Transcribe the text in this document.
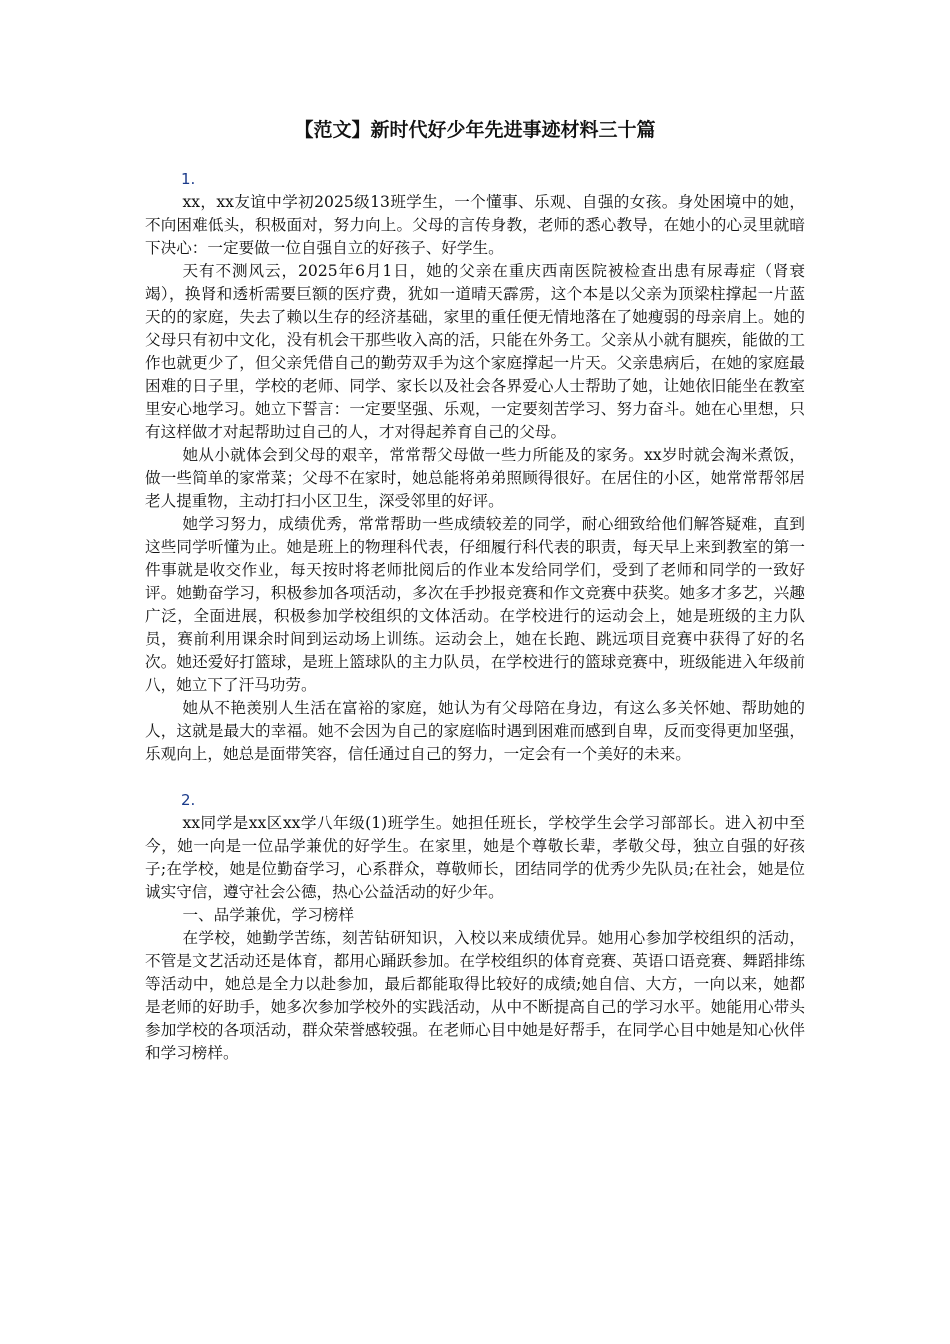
【范文】新时代好少年先进事迹材料三十篇

1.

xx，xx友谊中学初2025级13班学生，一个懂事、乐观、自强的女孩。身处困境中的她，不向困难低头，积极面对，努力向上。父母的言传身教，老师的悉心教导，在她小的心灵里就暗下决心：一定要做一位自强自立的好孩子、好学生。

天有不测风云，2025年6月1日，她的父亲在重庆西南医院被检查出患有尿毒症（肾衰竭），换肾和透析需要巨额的医疗费，犹如一道晴天霹雳，这个本是以父亲为顶梁柱撑起一片蓝天的的家庭，失去了赖以生存的经济基础，家里的重任便无情地落在了她瘦弱的母亲肩上。她的父母只有初中文化，没有机会干那些收入高的活，只能在外务工。父亲从小就有腿疾，能做的工作也就更少了，但父亲凭借自己的勤劳双手为这个家庭撑起一片天。父亲患病后，在她的家庭最困难的日子里，学校的老师、同学、家长以及社会各界爱心人士帮助了她，让她依旧能坐在教室里安心地学习。她立下誓言：一定要坚强、乐观，一定要刻苦学习、努力奋斗。她在心里想，只有这样做才对起帮助过自己的人，才对得起养育自己的父母。

她从小就体会到父母的艰辛，常常帮父母做一些力所能及的家务。xx岁时就会淘米煮饭，做一些简单的家常菜；父母不在家时，她总能将弟弟照顾得很好。在居住的小区，她常常帮邻居老人提重物，主动打扫小区卫生，深受邻里的好评。

她学习努力，成绩优秀，常常帮助一些成绩较差的同学，耐心细致给他们解答疑难，直到这些同学听懂为止。她是班上的物理科代表，仔细履行科代表的职责，每天早上来到教室的第一件事就是收交作业，每天按时将老师批阅后的作业本发给同学们，受到了老师和同学的一致好评。她勤奋学习，积极参加各项活动，多次在手抄报竞赛和作文竞赛中获奖。她多才多艺，兴趣广泛，全面进展，积极参加学校组织的文体活动。在学校进行的运动会上，她是班级的主力队员，赛前利用课余时间到运动场上训练。运动会上，她在长跑、跳远项目竞赛中获得了好的名次。她还爱好打篮球，是班上篮球队的主力队员，在学校进行的篮球竞赛中，班级能进入年级前八，她立下了汗马功劳。

她从不艳羡别人生活在富裕的家庭，她认为有父母陪在身边，有这么多关怀她、帮助她的人，这就是最大的幸福。她不会因为自己的家庭临时遇到困难而感到自卑，反而变得更加坚强，乐观向上，她总是面带笑容，信任通过自己的努力，一定会有一个美好的未来。

2.

xx同学是xx区xx学八年级(1)班学生。她担任班长，学校学生会学习部部长。进入初中至今，她一向是一位品学兼优的好学生。在家里，她是个尊敬长辈，孝敬父母，独立自强的好孩子;在学校，她是位勤奋学习，心系群众，尊敬师长，团结同学的优秀少先队员;在社会，她是位诚实守信，遵守社会公德，热心公益活动的好少年。

一、品学兼优，学习榜样

在学校，她勤学苦练，刻苦钻研知识，入校以来成绩优异。她用心参加学校组织的活动，不管是文艺活动还是体育，都用心踊跃参加。在学校组织的体育竞赛、英语口语竞赛、舞蹈排练等活动中，她总是全力以赴参加，最后都能取得比较好的成绩;她自信、大方，一向以来，她都是老师的好助手，她多次参加学校外的实践活动，从中不断提高自己的学习水平。她能用心带头参加学校的各项活动，群众荣誉感较强。在老师心目中她是好帮手，在同学心目中她是知心伙伴和学习榜样。
